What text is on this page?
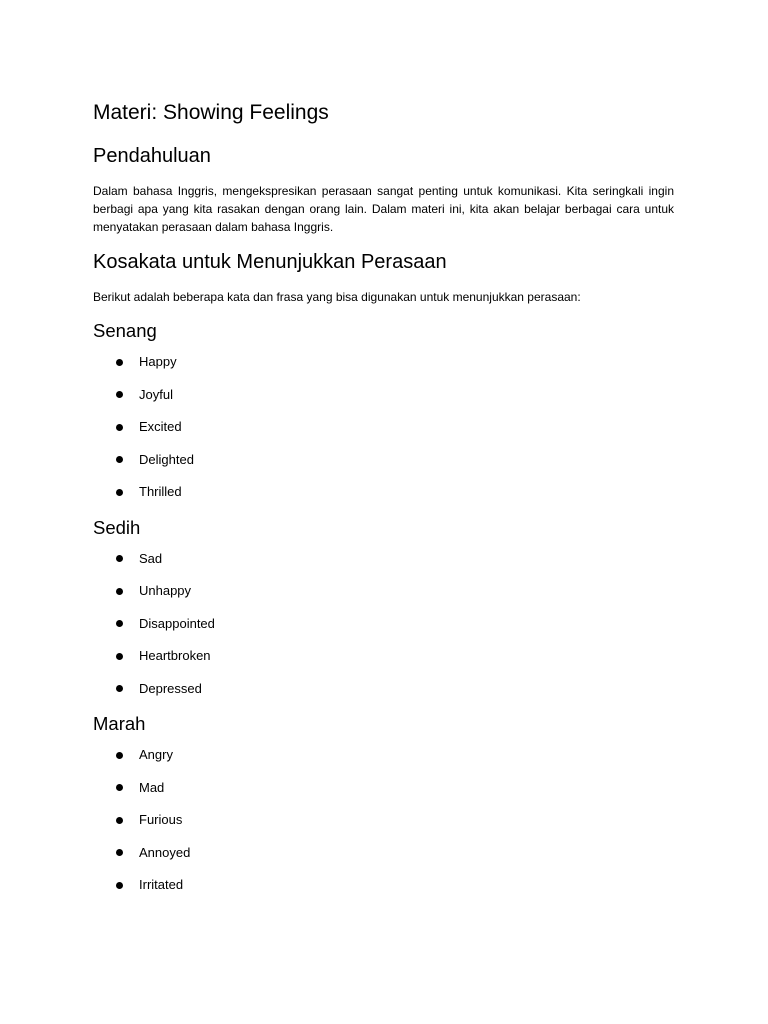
Materi: Showing Feelings
Pendahuluan

Dalam bahasa Inggris, mengekspresikan perasaan sangat penting untuk komunikasi. Kita seringkali ingin berbagi apa yang kita rasakan dengan orang lain. Dalam materi ini, kita akan belajar berbagai cara untuk menyatakan perasaan dalam bahasa Inggris.

Kosakata untuk Menunjukkan Perasaan

Berikut adalah beberapa kata dan frasa yang bisa digunakan untuk menunjukkan perasaan:

Senang
Happy
Joyful
Excited
Delighted
Thrilled
Sedih
Sad
Unhappy
Disappointed
Heartbroken
Depressed
Marah
Angry
Mad
Furious
Annoyed
Irritated
